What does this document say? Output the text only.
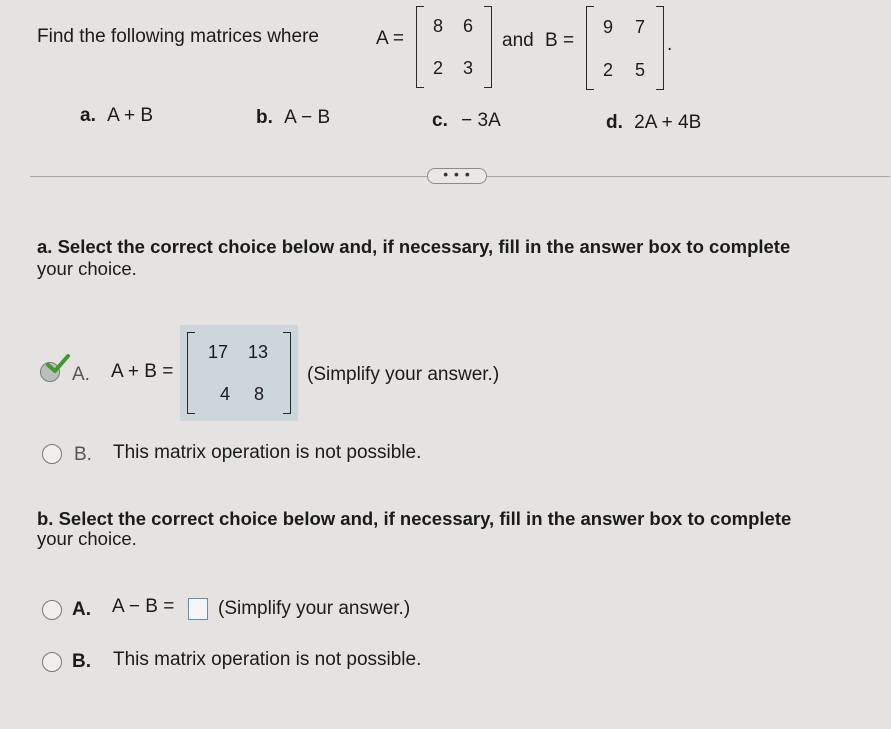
Find the following matrices where	A =
8	6
2	3
and B =
9	7
2	5
.
a. A + B	b. A − B	c. − 3A	d. 2A + 4B
• • •
a. Select the correct choice below and, if necessary, fill in the answer box to complete
your choice.
A. A + B =
17 13
4	8
(Simplify your answer.)
B. This matrix operation is not possible.
b. Select the correct choice below and, if necessary, fill in the answer box to complete
your choice.
A. A − B = (Simplify your answer.)
B. This matrix operation is not possible.
